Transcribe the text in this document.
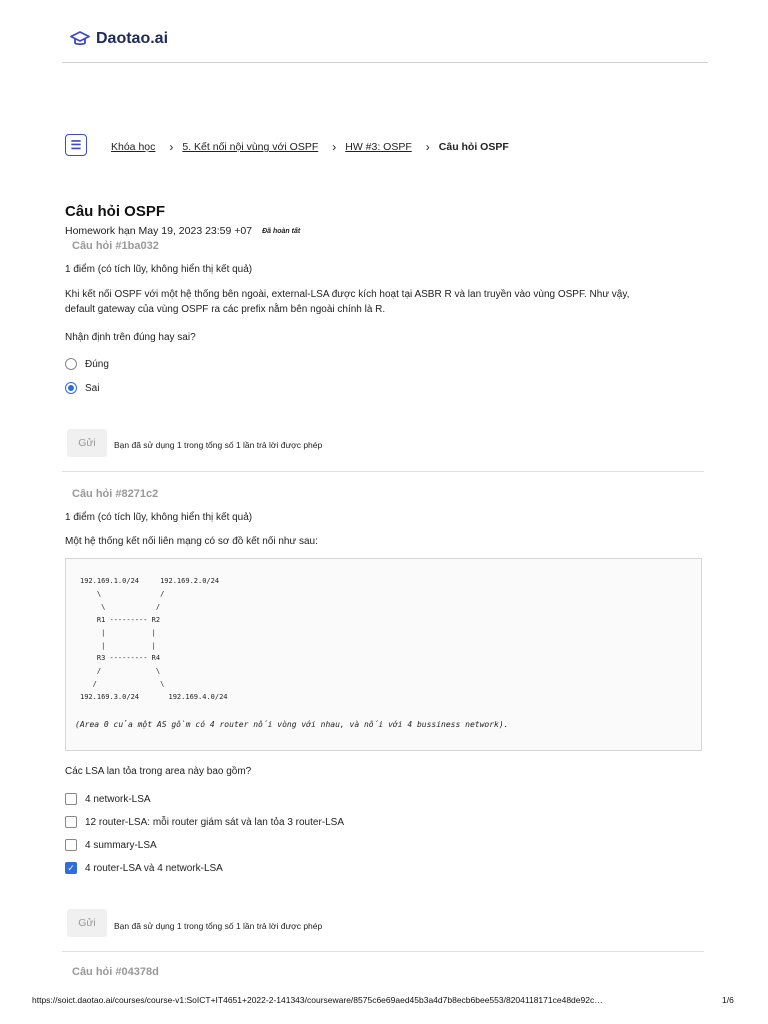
Daotao.ai
☰	Khóa học › 5. Kết nối nội vùng với OSPF › HW #3: OSPF › Câu hỏi OSPF
Câu hỏi OSPF
Homework hạn May 19, 2023 23:59 +07 Đã hoàn tất
Câu hỏi #1ba032
1 điểm (có tích lũy, không hiển thị kết quả)
Khi kết nối OSPF với một hệ thống bên ngoài, external-LSA được kích hoạt tại ASBR R và lan truyền vào vùng OSPF. Như vậy,
default gateway của vùng OSPF ra các prefix nằm bên ngoài chính là R.
Nhận định trên đúng hay sai?
Đúng
Sai
Gửi	Bạn đã sử dụng 1 trong tổng số 1 lần trả lời được phép
Câu hỏi #8271c2
1 điểm (có tích lũy, không hiển thị kết quả)
Một hệ thống kết nối liên mạng có sơ đồ kết nối như sau:
192.169.1.0/24     192.169.2.0/24
\              /
\            /
R1 --------- R2
|           |
|           |
R3 --------- R4
/             \
/               \
192.169.3.0/24       192.169.4.0/24
(Area 0 của một AS gồm có 4 router nối vòng với nhau, và nối với 4 bussiness network).
Các LSA lan tỏa trong area này bao gồm?
4 network-LSA
12 router-LSA: mỗi router giám sát và lan tỏa 3 router-LSA
4 summary-LSA
✓ 4 router-LSA và 4 network-LSA
Gửi	Bạn đã sử dụng 1 trong tổng số 1 lần trả lời được phép
Câu hỏi #04378d
https://soict.daotao.ai/courses/course-v1:SoICT+IT4651+2022-2-141343/courseware/8575c6e69aed45b3a4d7b8ecb6bee553/8204118171ce48de92c…	1/6
